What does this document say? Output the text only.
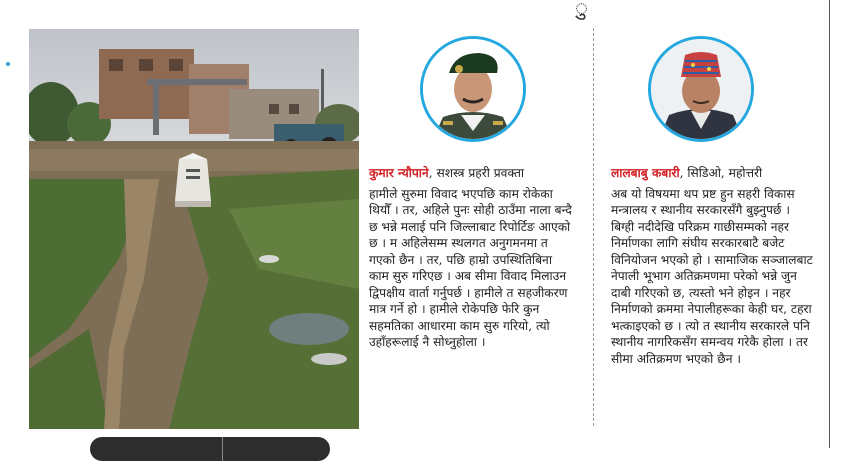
ु

कुमार न्यौपाने, सशस्त्र प्रहरी प्रवक्ता

हामीले सुरुमा विवाद भएपछि काम रोकेका थियौँ । तर, अहिले पुनः सोही ठाउँमा नाला बन्दै छ भन्ने मलाई पनि जिल्लाबाट रिपोर्टिङ आएको छ । म अहिलेसम्म स्थलगत अनुगमनमा त गएको छैन । तर, पछि हाम्रो उपस्थितिबिना काम सुरु गरिएछ । अब सीमा विवाद मिलाउन द्विपक्षीय वार्ता गर्नुपर्छ । हामीले त सहजीकरण मात्र गर्ने हो । हामीले रोकेपछि फेरि कुन सहमतिका आधारमा काम सुरु गरियो, त्यो उहाँहरूलाई नै सोध्नुहोला ।

लालबाबु कबारी, सिडिओ, महोत्तरी

अब यो विषयमा थप प्रष्ट हुन सहरी विकास मन्त्रालय र स्थानीय सरकारसँगै बुझ्नुपर्छ । बिग्ही नदीदेखि परिक्रम गाछीसम्मको नहर निर्माणका लागि संघीय सरकारबाटै बजेट विनियोजन भएको हो । सामाजिक सञ्जालबाट नेपाली भूभाग अतिक्रमणमा परेको भन्ने जुन दाबी गरिएको छ, त्यस्तो भने होइन । नहर निर्माणको क्रममा नेपालीहरूका केही घर, टहरा भत्काइएको छ । त्यो त स्थानीय सरकारले पनि स्थानीय नागरिकसँग समन्वय गरेकै होला । तर सीमा अतिक्रमण भएको छैन ।
